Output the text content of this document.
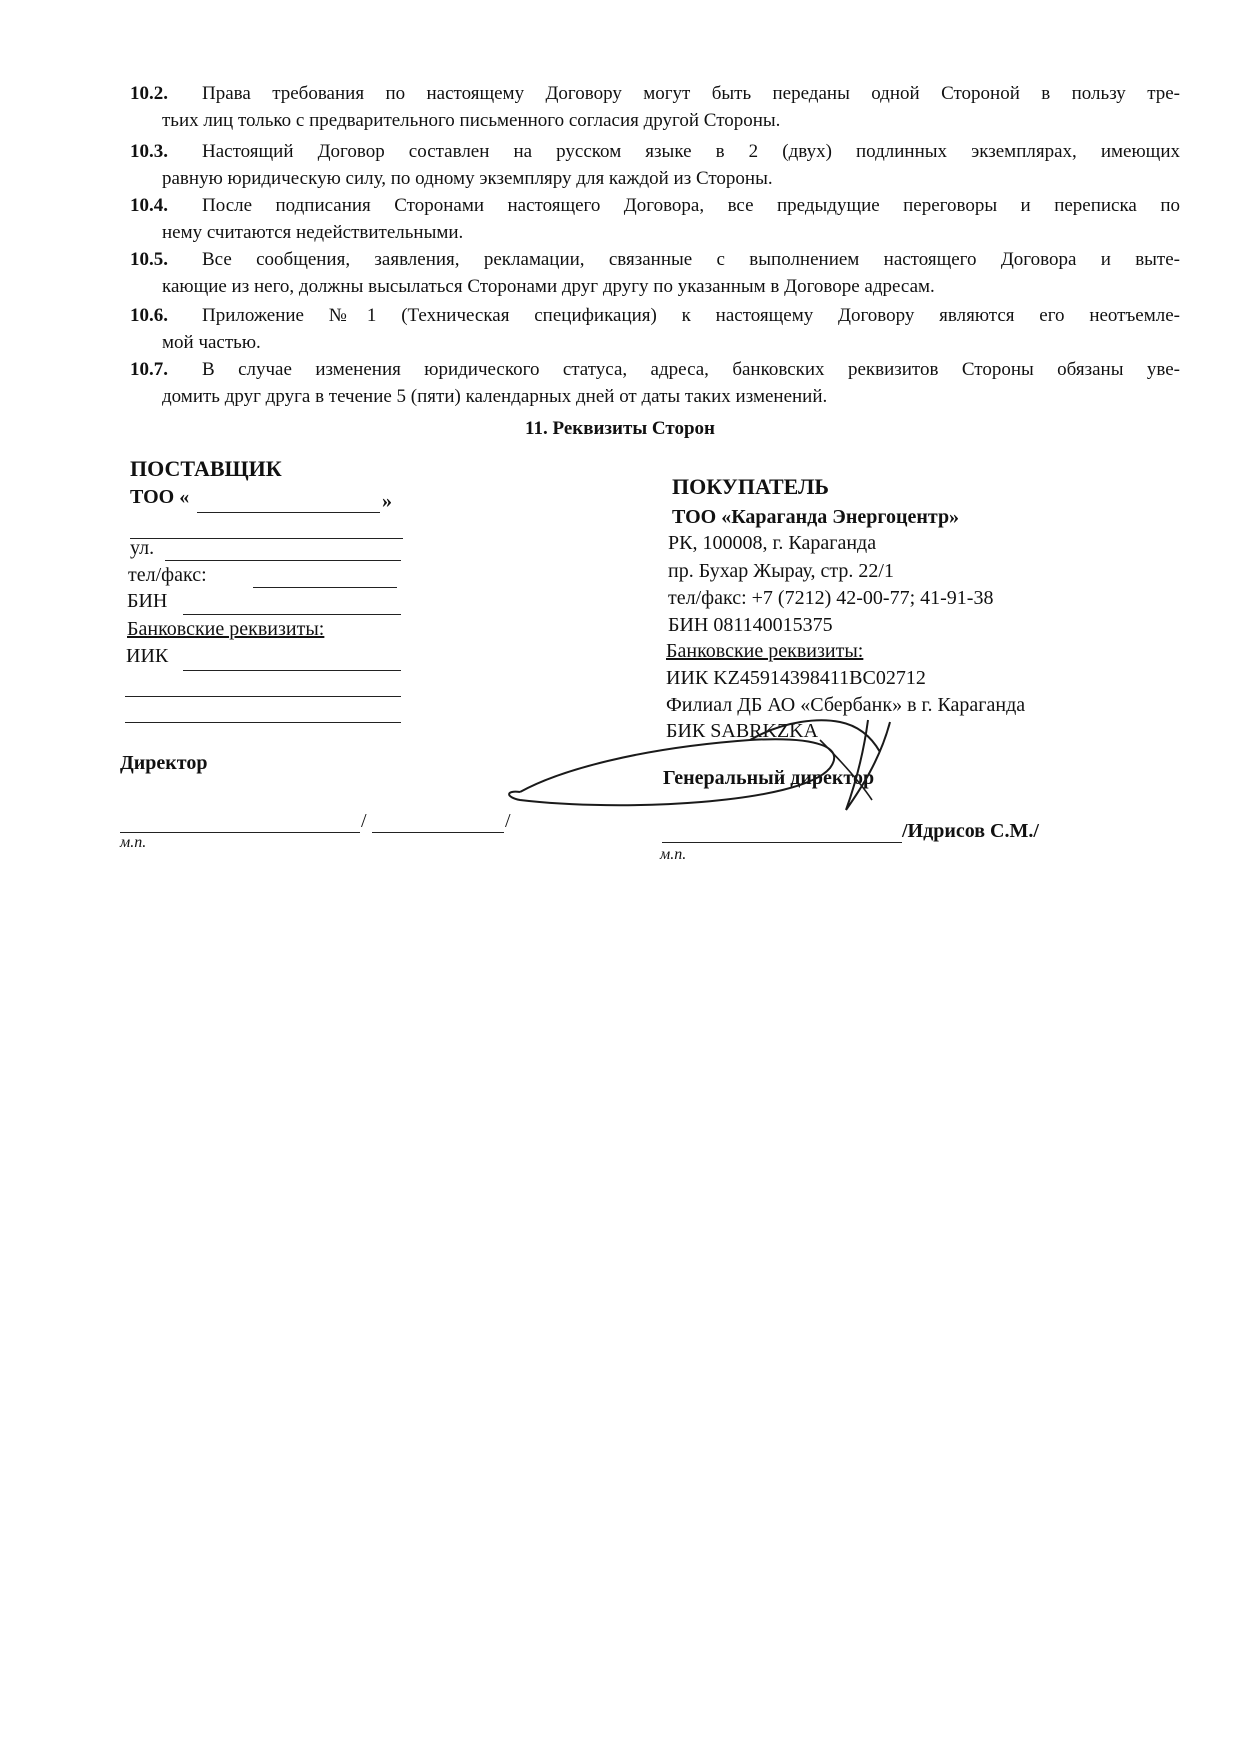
10.2. Права требования по настоящему Договору могут быть переданы одной Стороной в пользу тре-
тьих лиц только с предварительного письменного согласия другой Стороны.
10.3. Настоящий Договор составлен на русском языке в 2 (двух) подлинных экземплярах, имеющих
равную юридическую силу, по одному экземпляру для каждой из Стороны.
10.4. После подписания Сторонами настоящего Договора, все предыдущие переговоры и переписка по
нему считаются недействительными.
10.5. Все сообщения, заявления, рекламации, связанные с выполнением настоящего Договора и выте-
кающие из него, должны высылаться Сторонами друг другу по указанным в Договоре адресам.
10.6. Приложение №1 (Техническая спецификация) к настоящему Договору являются его неотъемле-
мой частью.
10.7. В случае изменения юридического статуса, адреса, банковских реквизитов Стороны обязаны уве-
домить друг друга в течение 5 (пяти) календарных дней от даты таких изменений.
11. Реквизиты Сторон
ПОСТАВЩИК
ТОО «	»
ул.
тел/факс:
БИН
Банковские реквизиты:
ИИК
Директор
/	/
м.п.
ПОКУПАТЕЛЬ
ТОО «Караганда Энергоцентр»
РК, 100008, г. Караганда
пр. Бухар Жырау, стр. 22/1
тел/факс: +7 (7212) 42-00-77; 41-91-38
БИН 081140015375
Банковские реквизиты:
ИИК KZ45914398411BC02712
Филиал ДБ АО «Сбербанк» в г. Караганда
БИК SABRKZKA
Генеральный директор
/Идрисов С.М./
м.п.
